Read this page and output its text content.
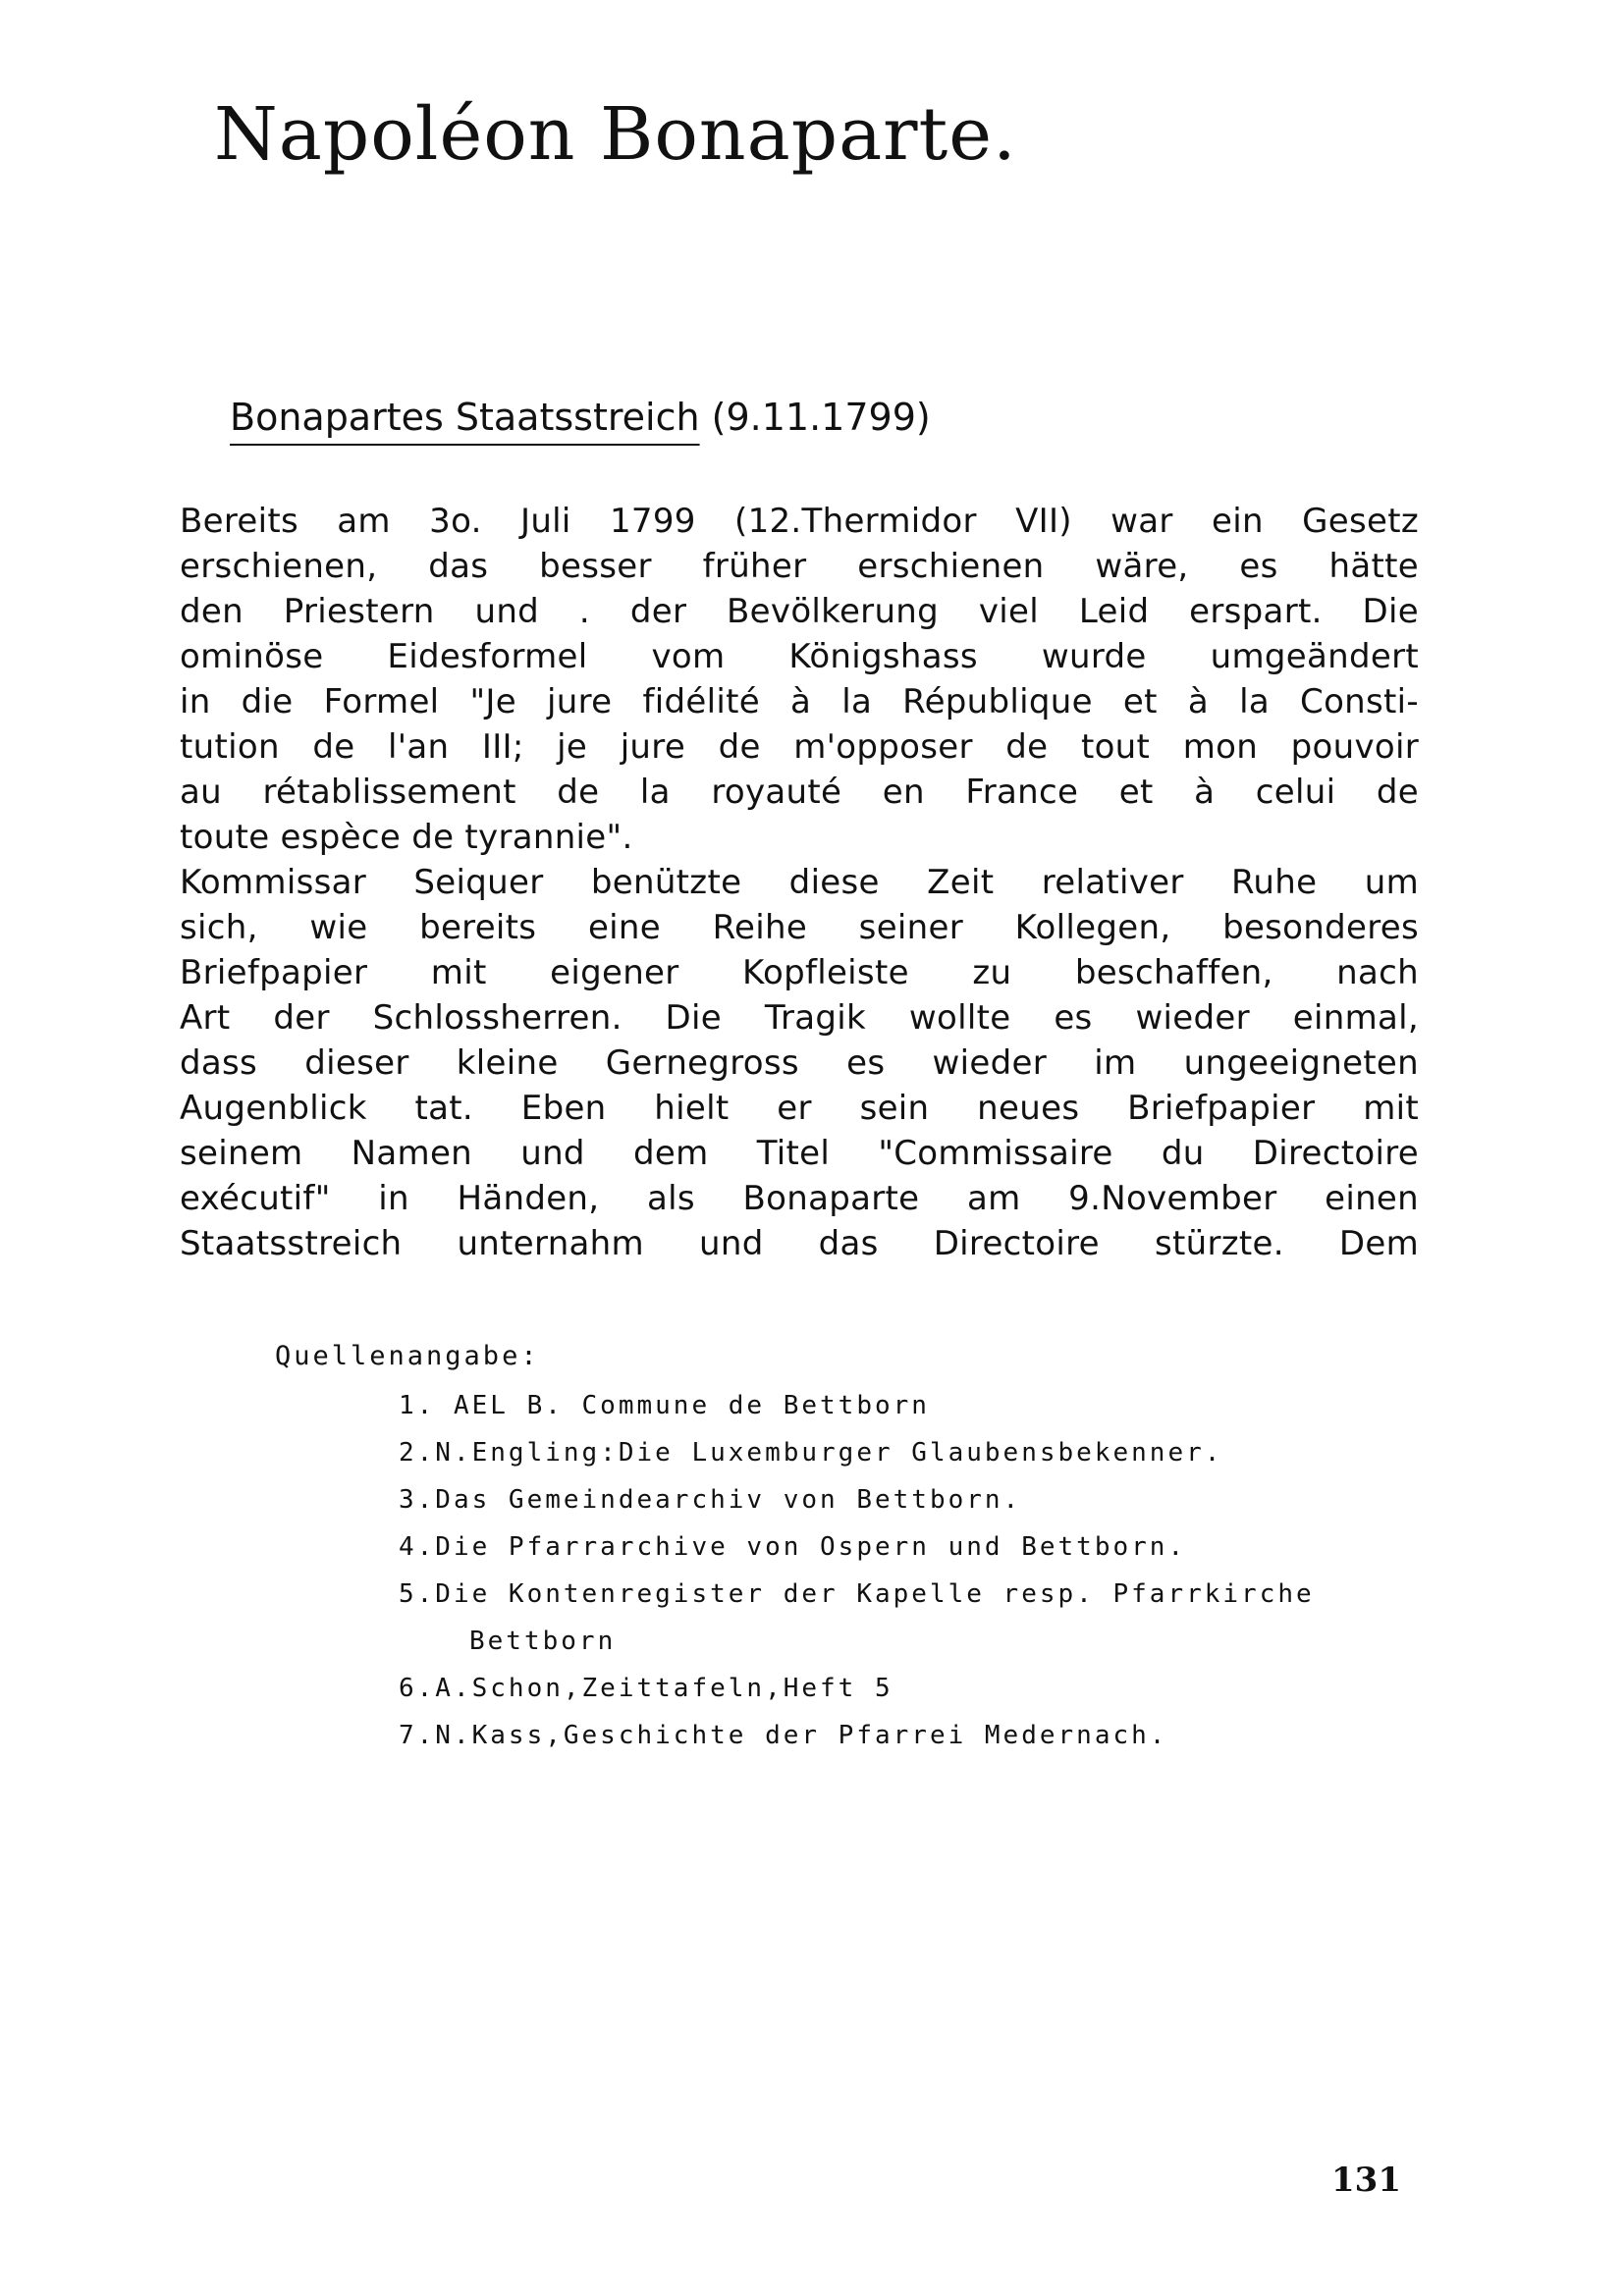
Napoléon Bonaparte.
Bonapartes Staatsstreich (9.11.1799)
Bereits am 3o. Juli 1799 (12.Thermidor VII) war ein Gesetz
erschienen, das besser früher erschienen wäre, es hätte
den Priestern und . der Bevölkerung viel Leid erspart. Die
ominöse Eidesformel vom Königshass wurde umgeändert
in die Formel "Je jure fidélité à la République et à la Consti-
tution de l'an III; je jure de m'opposer de tout mon pouvoir
au rétablissement de la royauté en France et à celui de
toute espèce de tyrannie".
Kommissar Seiquer benützte diese Zeit relativer Ruhe um
sich, wie bereits eine Reihe seiner Kollegen, besonderes
Briefpapier mit eigener Kopfleiste zu beschaffen, nach
Art der Schlossherren. Die Tragik wollte es wieder einmal,
dass dieser kleine Gernegross es wieder im ungeeigneten
Augenblick tat. Eben hielt er sein neues Briefpapier mit
seinem Namen und dem Titel "Commissaire du Directoire
exécutif" in Händen, als Bonaparte am 9.November einen
Staatsstreich unternahm und das Directoire stürzte. Dem
Quellenangabe:
1. AEL B. Commune de Bettborn
2.N.Engling:Die Luxemburger Glaubensbekenner.
3.Das Gemeindearchiv von Bettborn.
4.Die Pfarrarchive von Ospern und Bettborn.
5.Die Kontenregister der Kapelle resp. Pfarrkirche
Bettborn
6.A.Schon,Zeittafeln,Heft 5
7.N.Kass,Geschichte der Pfarrei Medernach.
131
